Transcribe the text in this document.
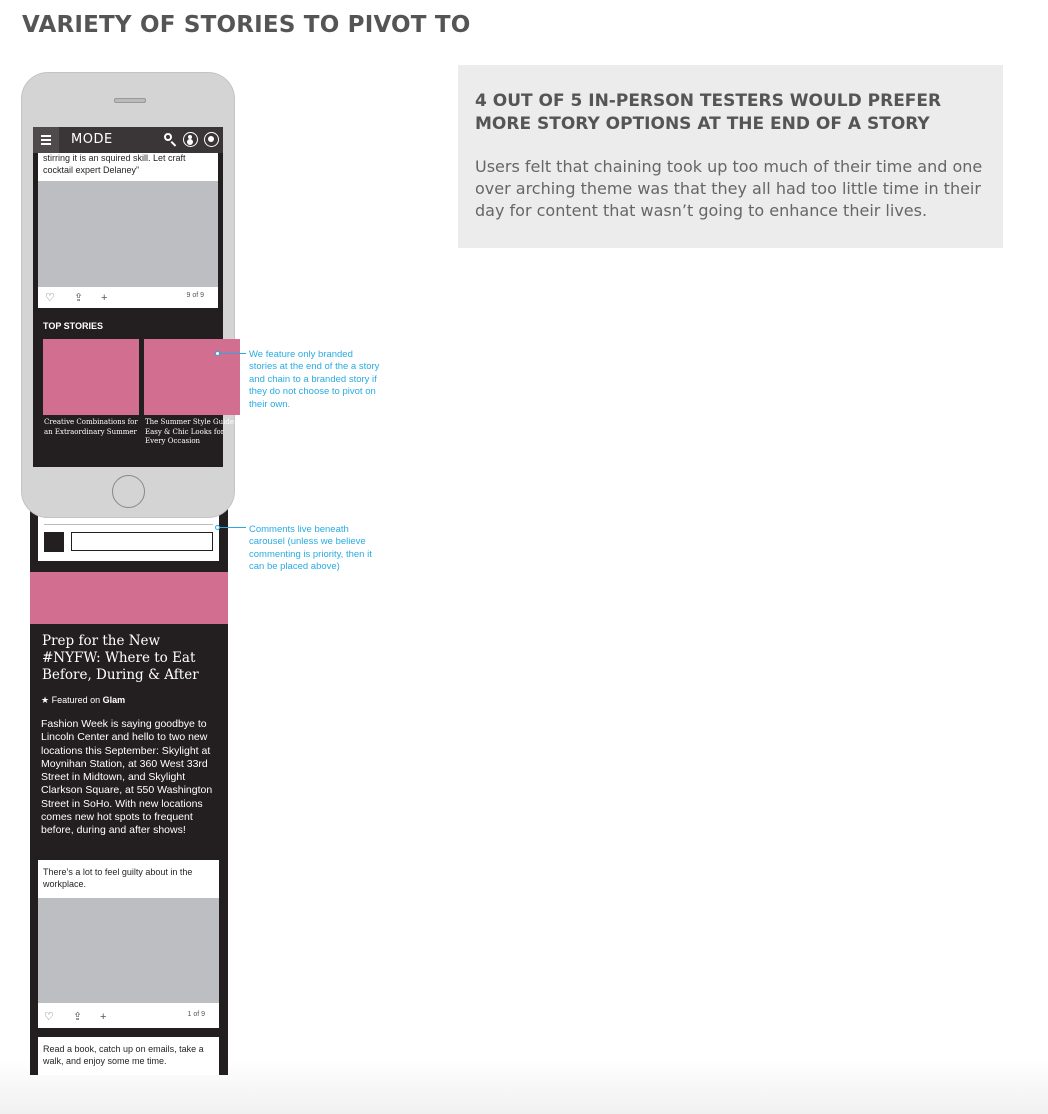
VARIETY OF STORIES TO PIVOT TO
4 OUT OF 5 IN-PERSON TESTERS WOULD PREFER MORE STORY OPTIONS AT THE END OF A STORY

Users felt that chaining took up too much of their time and one over arching theme was that they all had too little time in their day for content that wasn’t going to enhance their lives.

Prep for the New #NYFW: Where to Eat Before, During & After
★ Featured on Glam

Fashion Week is saying goodbye to Lincoln Center and hello to two new locations this September: Skylight at Moynihan Station, at 360 West 33rd Street in Midtown, and Skylight Clarkson Square, at 550 Washington Street in SoHo. With new locations comes new hot spots to frequent before, during and after shows!

There’s a lot to feel guilty about in the workplace.
♡ ⇪ +	1 of 9
Read a book, catch up on emails, take a walk, and enjoy some me time.
MODE
stirring it is an squired skill. Let craft cocktail expert Delaney”
♡ ⇪ +	9 of 9
TOP STORIES
Creative Combinations for an Extraordinary Summer
The Summer Style Guide: Easy & Chic Looks for Every Occasion

We feature only branded stories at the end of the a story and chain to a branded story if they do not choose to pivot on their own.

Comments live beneath carousel (unless we believe commenting is priority, then it can be placed above)
